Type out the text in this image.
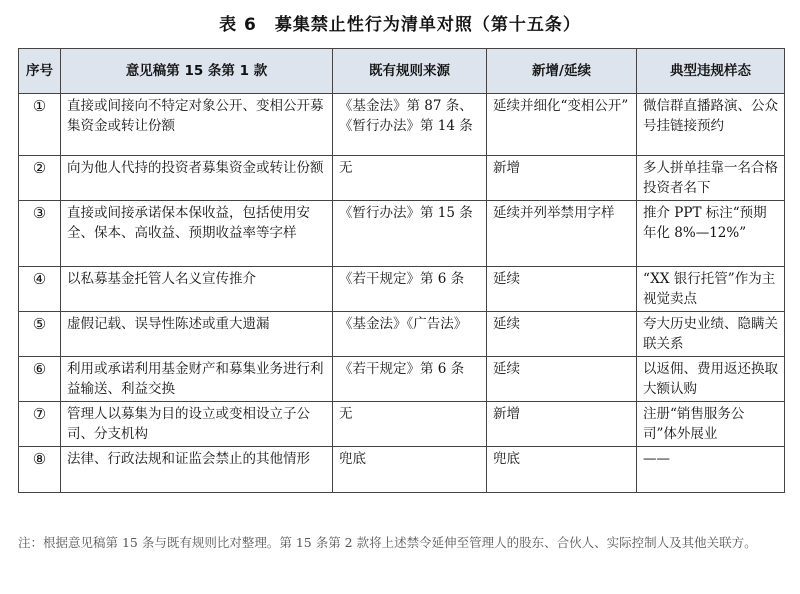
表 6　募集禁止性行为清单对照（第十五条）
序号	意见稿第 15 条第 1 款	既有规则来源	新增/延续	典型违规样态
①	直接或间接向不特定对象公开、变相公开募集资金或转让份额	《基金法》第 87 条、《暂行办法》第 14 条	延续并细化“变相公开”	微信群直播路演、公众号挂链接预约
②	向为他人代持的投资者募集资金或转让份额	无	新增	多人拼单挂靠一名合格投资者名下
③	直接或间接承诺保本保收益，包括使用安全、保本、高收益、预期收益率等字样	《暂行办法》第 15 条	延续并列举禁用字样	推介 PPT 标注“预期年化 8%—12%”
④	以私募基金托管人名义宣传推介	《若干规定》第 6 条	延续	“XX 银行托管”作为主视觉卖点
⑤	虚假记载、误导性陈述或重大遗漏	《基金法》《广告法》	延续	夸大历史业绩、隐瞒关联关系
⑥	利用或承诺利用基金财产和募集业务进行利益输送、利益交换	《若干规定》第 6 条	延续	以返佣、费用返还换取大额认购
⑦	管理人以募集为目的设立或变相设立子公司、分支机构	无	新增	注册“销售服务公司”体外展业
⑧	法律、行政法规和证监会禁止的其他情形	兜底	兜底	——
注：根据意见稿第 15 条与既有规则比对整理。第 15 条第 2 款将上述禁令延伸至管理人的股东、合伙人、实际控制人及其他关联方。
